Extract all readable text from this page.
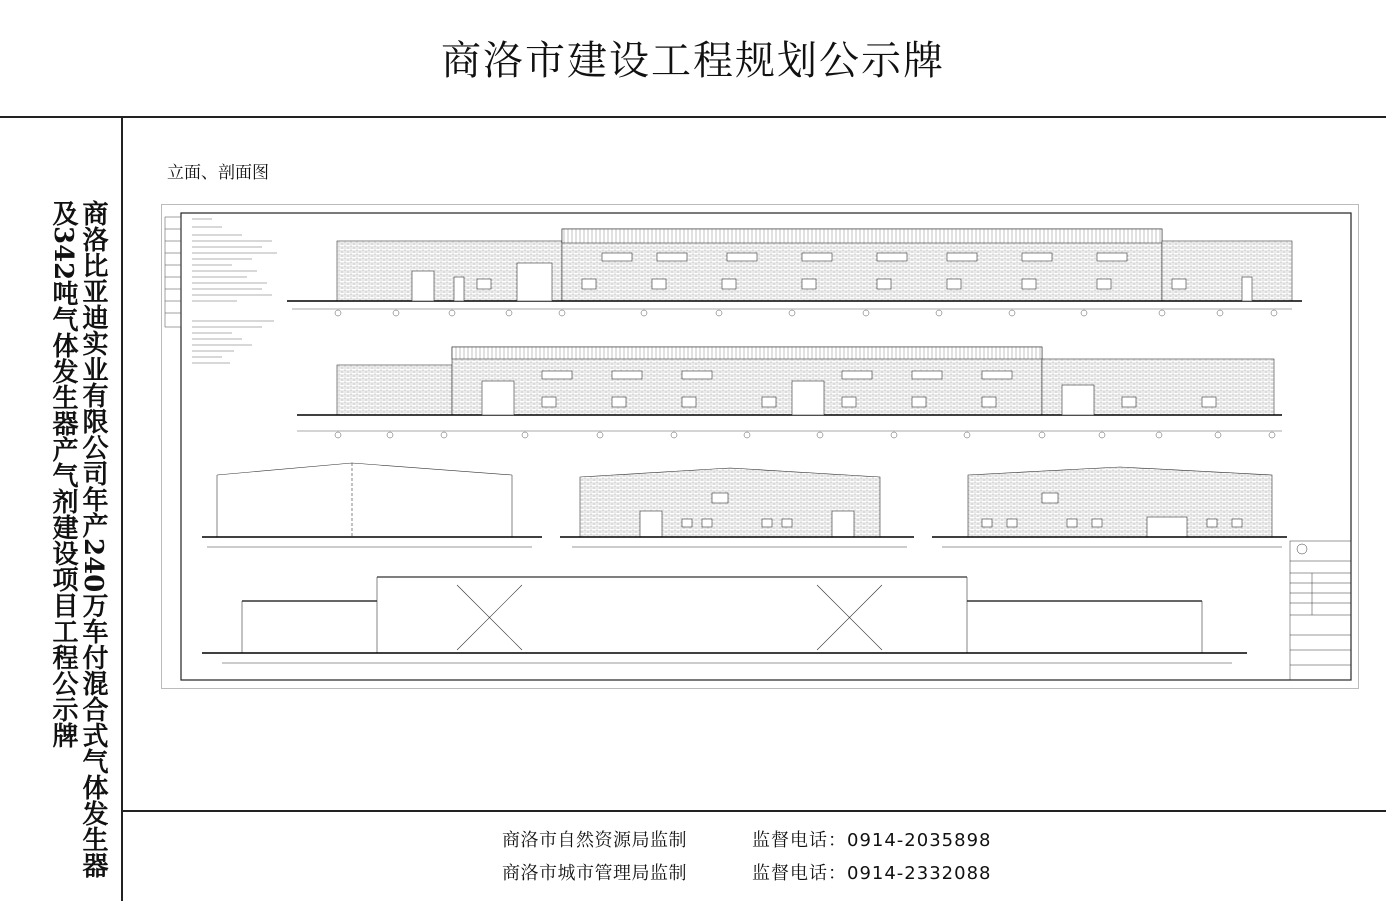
商洛市建设工程规划公示牌
商洛比亚迪实业有限公司年产240万车付混合式气体发生器
及342吨气体发生器产气剂建设项目工程公示牌
立面、剖面图
商洛市自然资源局监制	监督电话：0914-2035898
商洛市城市管理局监制	监督电话：0914-2332088
